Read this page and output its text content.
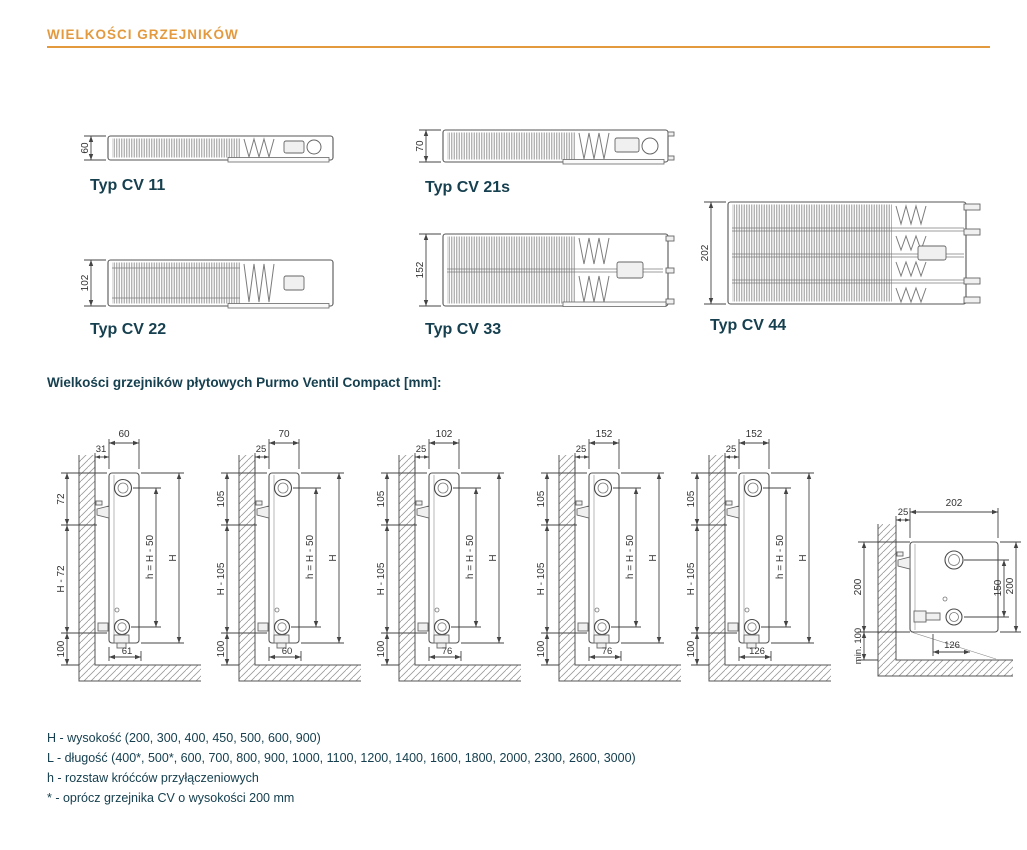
WIELKOŚCI GRZEJNIKÓW
60
Typ CV 11
70
Typ CV 21s
102
Typ CV 22
152
Typ CV 33
202
Typ CV 44
Wielkości grzejników płytowych Purmo Ventil Compact [mm]:
60
31
72
H - 72
100
h = H - 50 H
61
70
25
105
H - 105
100
h = H - 50 H
60
102
25
105
H - 105
100
h = H - 50 H
76
152
25
105
H - 105
100
h = H - 50 H
76
152
25
105
H - 105
100
h = H - 50 H
126
202
25
150 200
200
min. 100	126
H - wysokość (200, 300, 400, 450, 500, 600, 900)
L - długość (400*, 500*, 600, 700, 800, 900, 1000, 1100, 1200, 1400, 1600, 1800, 2000, 2300, 2600, 3000)
h - rozstaw króćców przyłączeniowych
* - oprócz grzejnika CV o wysokości 200 mm
